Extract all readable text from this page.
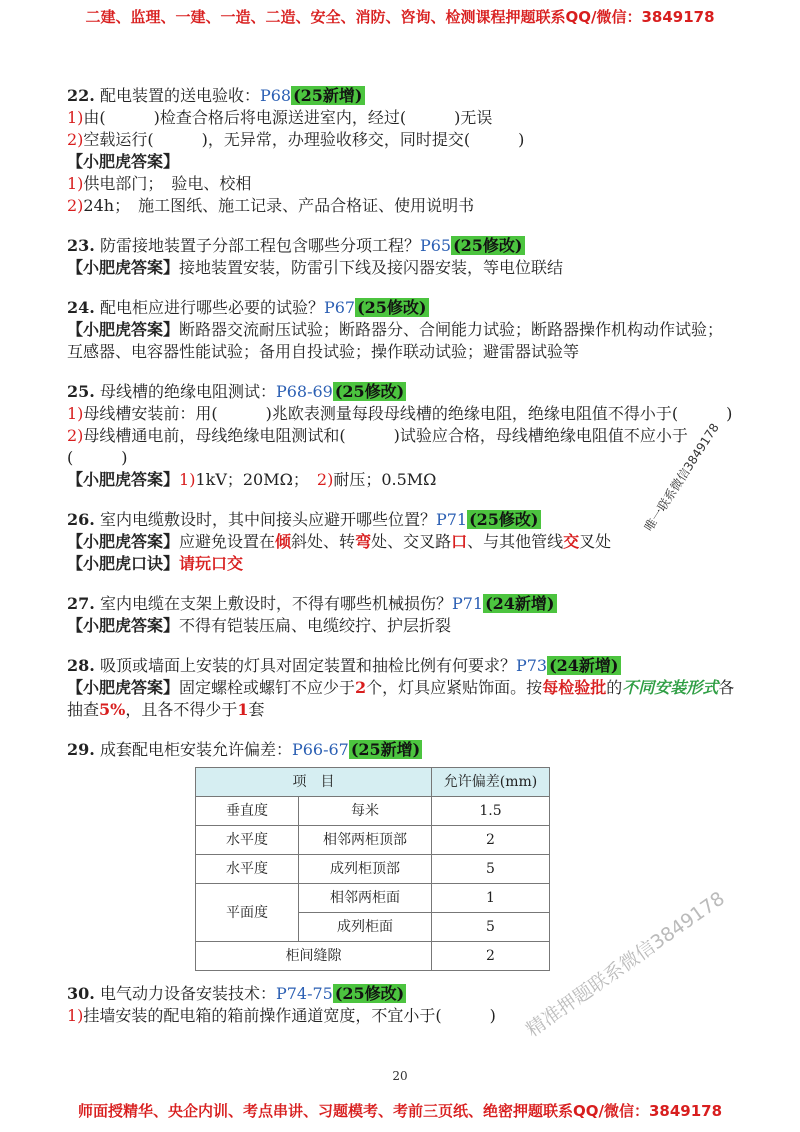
二建、监理、一建、一造、二造、安全、消防、咨询、检测课程押题联系QQ/微信：3849178
22. 配电装置的送电验收：P68 (25新增)
1)由(　　　)检查合格后将电源送进室内，经过(　　　)无误
2)空载运行(　　　)，无异常，办理验收移交，同时提交(　　　)
【小肥虎答案】
1)供电部门；　验电、校相
2)24h；　施工图纸、施工记录、产品合格证、使用说明书
23. 防雷接地装置子分部工程包含哪些分项工程？P65 (25修改)
【小肥虎答案】接地装置安装，防雷引下线及接闪器安装，等电位联结
24. 配电柜应进行哪些必要的试验？P67 (25修改)
【小肥虎答案】断路器交流耐压试验；断路器分、合闸能力试验；断路器操作机构动作试验；互感器、电容器性能试验；备用自投试验；操作联动试验；避雷器试验等
25. 母线槽的绝缘电阻测试：P68-69 (25修改)
1)母线槽安装前：用(　　　)兆欧表测量每段母线槽的绝缘电阻，绝缘电阻值不得小于(　　　)
2)母线槽通电前，母线绝缘电阻测试和(　　　)试验应合格，母线槽绝缘电阻值不应小于(　　　)
【小肥虎答案】1)1kV；20MΩ；　 2)耐压；0.5MΩ
26. 室内电缆敷设时，其中间接头应避开哪些位置？P71 (25修改)
【小肥虎答案】应避免设置在倾斜处、转弯处、交叉路口、与其他管线交叉处
【小肥虎口诀】请玩口交
27. 室内电缆在支架上敷设时，不得有哪些机械损伤？P71 (24新增)
【小肥虎答案】不得有铠装压扁、电缆绞拧、护层折裂
28. 吸顶或墙面上安装的灯具对固定装置和抽检比例有何要求？P73 (24新增)
【小肥虎答案】固定螺栓或螺钉不应少于2个，灯具应紧贴饰面。按每检验批的不同安装形式各抽查5%，且各不得少于1套
29. 成套配电柜安装允许偏差：P66-67 (25新增)
项　目		允许偏差(mm)
垂直度	每米	1.5
水平度	相邻两柜顶部	2
水平度	成列柜顶部	5
平面度	相邻两柜面	1
	成列柜面	5
柜间缝隙		2
30. 电气动力设备安装技术：P74-75 (25修改)
1)挂墙安装的配电箱的箱前操作通道宽度，不宜小于(　　　)
唯一联系微信3849178
精准押题联系微信3849178
20
师面授精华、央企内训、考点串讲、习题模考、考前三页纸、绝密押题联系QQ/微信：3849178
